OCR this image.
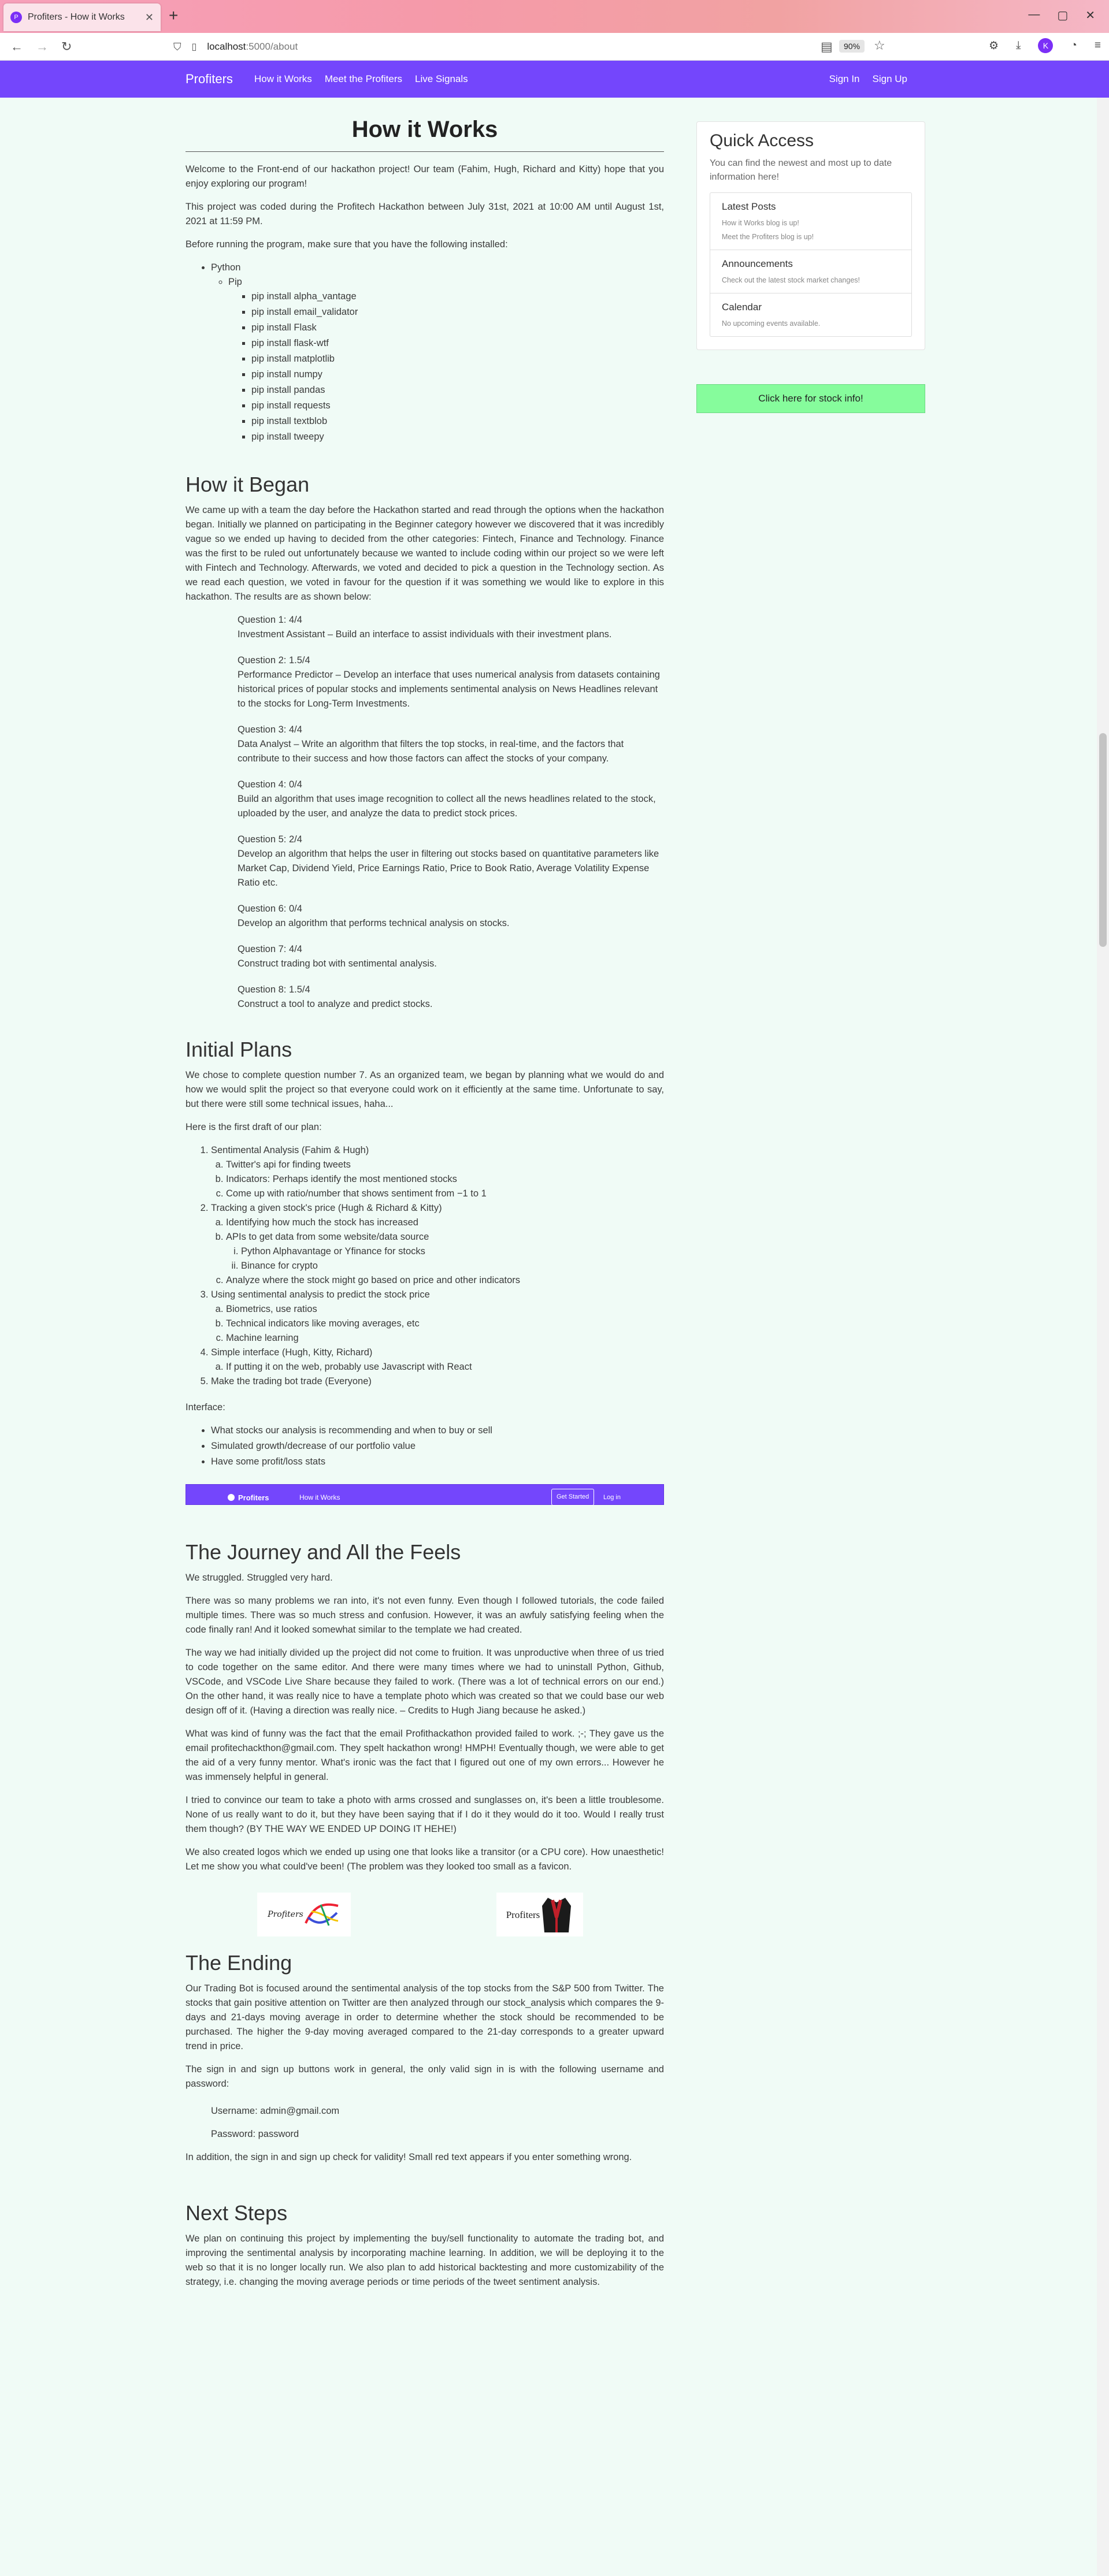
P	Profiters - How it Works	✕ +	— ▢ ✕
← → ↻	⛉ ▯ localhost:5000/about	▤	90%	☆	⚙ ⤓	K	◔ ≡
Profiters How it Works Meet the Profiters Live Signals	Sign In Sign Up
How it Works

Welcome to the Front-end of our hackathon project! Our team (Fahim, Hugh, Richard and Kitty) hope that you enjoy exploring our program!

This project was coded during the Profitech Hackathon between July 31st, 2021 at 10:00 AM until August 1st, 2021 at 11:59 PM.

Before running the program, make sure that you have the following installed:

• Python
◦ Pip
▪ pip install alpha_vantage
▪ pip install email_validator
▪ pip install Flask
▪ pip install flask-wtf
▪ pip install matplotlib
▪ pip install numpy
▪ pip install pandas
▪ pip install requests
▪ pip install textblob
▪ pip install tweepy
How it Began

We came up with a team the day before the Hackathon started and read through the options when the hackathon began. Initially we planned on participating in the Beginner category however we discovered that it was incredibly vague so we ended up having to decided from the other categories: Fintech, Finance and Technology. Finance was the first to be ruled out unfortunately because we wanted to include coding within our project so we were left with Fintech and Technology. Afterwards, we voted and decided to pick a question in the Technology section. As we read each question, we voted in favour for the question if it was something we would like to explore in this hackathon. The results are as shown below:

Question 1: 4/4
Investment Assistant – Build an interface to assist individuals with their investment plans.
Question 2: 1.5/4
Performance Predictor – Develop an interface that uses numerical analysis from datasets containing historical prices of popular stocks and implements sentimental analysis on News Headlines relevant to the stocks for Long-Term Investments.
Question 3: 4/4
Data Analyst – Write an algorithm that filters the top stocks, in real-time, and the factors that contribute to their success and how those factors can affect the stocks of your company.
Question 4: 0/4
Build an algorithm that uses image recognition to collect all the news headlines related to the stock, uploaded by the user, and analyze the data to predict stock prices.
Question 5: 2/4
Develop an algorithm that helps the user in filtering out stocks based on quantitative parameters like Market Cap, Dividend Yield, Price Earnings Ratio, Price to Book Ratio, Average Volatility Expense Ratio etc.
Question 6: 0/4
Develop an algorithm that performs technical analysis on stocks.
Question 7: 4/4
Construct trading bot with sentimental analysis.
Question 8: 1.5/4
Construct a tool to analyze and predict stocks.
Initial Plans

We chose to complete question number 7. As an organized team, we began by planning what we would do and how we would split the project so that everyone could work on it efficiently at the same time. Unfortunate to say, but there were still some technical issues, haha...

Here is the first draft of our plan:

1. Sentimental Analysis (Fahim & Hugh)
a. Twitter's api for finding tweets
b. Indicators: Perhaps identify the most mentioned stocks
c. Come up with ratio/number that shows sentiment from −1 to 1
2. Tracking a given stock's price (Hugh & Richard & Kitty)
a. Identifying how much the stock has increased
b. APIs to get data from some website/data source
i. Python Alphavantage or Yfinance for stocks
ii. Binance for crypto
c. Analyze where the stock might go based on price and other indicators
3. Using sentimental analysis to predict the stock price
a. Biometrics, use ratios
b. Technical indicators like moving averages, etc
c. Machine learning
4. Simple interface (Hugh, Kitty, Richard)
a. If putting it on the web, probably use Javascript with React
5. Make the trading bot trade (Everyone)

Interface:

• What stocks our analysis is recommending and when to buy or sell
• Simulated growth/decrease of our portfolio value
• Have some profit/loss stats
Profiters	How it Works	Get Started	Log in
The Journey and All the Feels

We struggled. Struggled very hard.

There was so many problems we ran into, it's not even funny. Even though I followed tutorials, the code failed multiple times. There was so much stress and confusion. However, it was an awfuly satisfying feeling when the code finally ran! And it looked somewhat similar to the template we had created.

The way we had initially divided up the project did not come to fruition. It was unproductive when three of us tried to code together on the same editor. And there were many times where we had to uninstall Python, Github, VSCode, and VSCode Live Share because they failed to work. (There was a lot of technical errors on our end.) On the other hand, it was really nice to have a template photo which was created so that we could base our web design off of it. (Having a direction was really nice. – Credits to Hugh Jiang because he asked.)

What was kind of funny was the fact that the email Profithackathon provided failed to work. ;-; They gave us the email profitechackthon@gmail.com. They spelt hackathon wrong! HMPH! Eventually though, we were able to get the aid of a very funny mentor. What's ironic was the fact that I figured out one of my own errors... However he was immensely helpful in general.

I tried to convince our team to take a photo with arms crossed and sunglasses on, it's been a little troublesome. None of us really want to do it, but they have been saying that if I do it they would do it too. Would I really trust them though? (BY THE WAY WE ENDED UP DOING IT HEHE!)

We also created logos which we ended up using one that looks like a transitor (or a CPU core). How unaesthetic! Let me show you what could've been! (The problem was they looked too small as a favicon.

Profiters	Profiters
The Ending

Our Trading Bot is focused around the sentimental analysis of the top stocks from the S&P 500 from Twitter. The stocks that gain positive attention on Twitter are then analyzed through our stock_analysis which compares the 9-days and 21-days moving average in order to determine whether the stock should be recommended to be purchased. The higher the 9-day moving averaged compared to the 21-day corresponds to a greater upward trend in price.

The sign in and sign up buttons work in general, the only valid sign in is with the following username and password:

Username: admin@gmail.com
Password: password

In addition, the sign in and sign up check for validity! Small red text appears if you enter something wrong.

Next Steps

We plan on continuing this project by implementing the buy/sell functionality to automate the trading bot, and improving the sentimental analysis by incorporating machine learning. In addition, we will be deploying it to the web so that it is no longer locally run. We also plan to add historical backtesting and more customizability of the strategy, i.e. changing the moving average periods or time periods of the tweet sentiment analysis.

Quick Access
You can find the newest and most up to date information here!
Latest Posts
How it Works blog is up!
Meet the Profiters blog is up!
Announcements
Check out the latest stock market changes!
Calendar
No upcoming events available.
Click here for stock info!
